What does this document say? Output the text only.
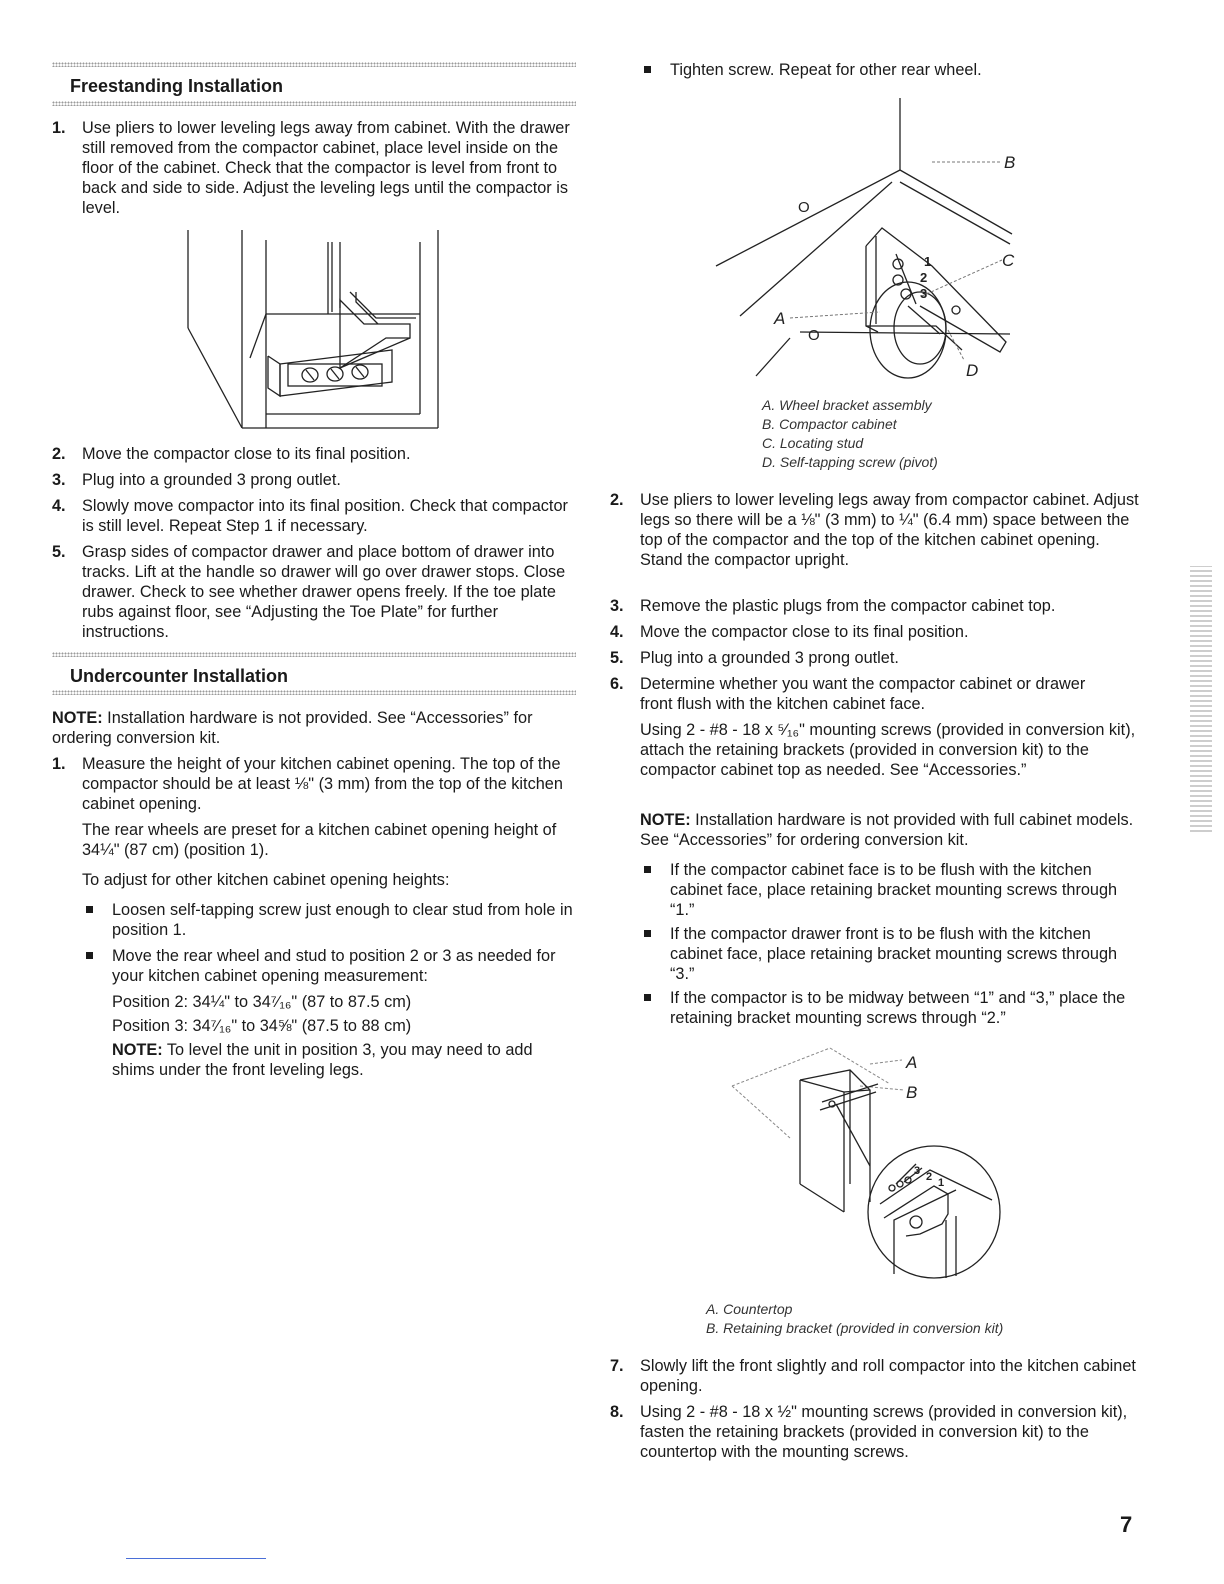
Freestanding Installation
1. Use pliers to lower leveling legs away from cabinet. With the drawer still removed from the compactor cabinet, place level inside on the floor of the cabinet. Check that the compactor is level from front to back and side to side. Adjust the leveling legs until the compactor is level.
2. Move the compactor close to its final position.
3. Plug into a grounded 3 prong outlet.
4. Slowly move compactor into its final position. Check that compactor is still level. Repeat Step 1 if necessary.
5. Grasp sides of compactor drawer and place bottom of drawer into tracks. Lift at the handle so drawer will go over drawer stops. Close drawer. Check to see whether drawer opens freely. If the toe plate rubs against floor, see “Adjusting the Toe Plate” for further instructions.
Undercounter Installation
NOTE: Installation hardware is not provided. See “Accessories” for ordering conversion kit.
1. Measure the height of your kitchen cabinet opening. The top of the compactor should be at least ⅛" (3 mm) from the top of the kitchen cabinet opening.
The rear wheels are preset for a kitchen cabinet opening height of 34¼" (87 cm) (position 1).
To adjust for other kitchen cabinet opening heights:
Loosen self-tapping screw just enough to clear stud from hole in position 1.
Move the rear wheel and stud to position 2 or 3 as needed for your kitchen cabinet opening measurement:
Position 2: 34¼" to 34⁷⁄₁₆" (87 to 87.5 cm)
Position 3: 34⁷⁄₁₆" to 34⅝" (87.5 to 88 cm)
NOTE: To level the unit in position 3, you may need to add shims under the front leveling legs.
Tighten screw. Repeat for other rear wheel.
O
O
1
2
3
B
C
A
D
A. Wheel bracket assembly
B. Compactor cabinet
C. Locating stud
D. Self-tapping screw (pivot)
2. Use pliers to lower leveling legs away from compactor cabinet. Adjust legs so there will be a ⅛" (3 mm) to ¼" (6.4 mm) space between the top of the compactor and the top of the kitchen cabinet opening. Stand the compactor upright.
3. Remove the plastic plugs from the compactor cabinet top.
4. Move the compactor close to its final position.
5. Plug into a grounded 3 prong outlet.
6. Determine whether you want the compactor cabinet or drawer front flush with the kitchen cabinet face.
Using 2 - #8 - 18 x ⁵⁄₁₆" mounting screws (provided in conversion kit), attach the retaining brackets (provided in conversion kit) to the compactor cabinet top as needed. See “Accessories.”
NOTE: Installation hardware is not provided with full cabinet models. See “Accessories” for ordering conversion kit.
If the compactor cabinet face is to be flush with the kitchen cabinet face, place retaining bracket mounting screws through “1.”
If the compactor drawer front is to be flush with the kitchen cabinet face, place retaining bracket mounting screws through “3.”
If the compactor is to be midway between “1” and “3,” place the retaining bracket mounting screws through “2.”
3 2 1
A
B
A. Countertop
B. Retaining bracket (provided in conversion kit)
7. Slowly lift the front slightly and roll compactor into the kitchen cabinet opening.
8. Using 2 - #8 - 18 x ½" mounting screws (provided in conversion kit), fasten the retaining brackets (provided in conversion kit) to the countertop with the mounting screws.
7
